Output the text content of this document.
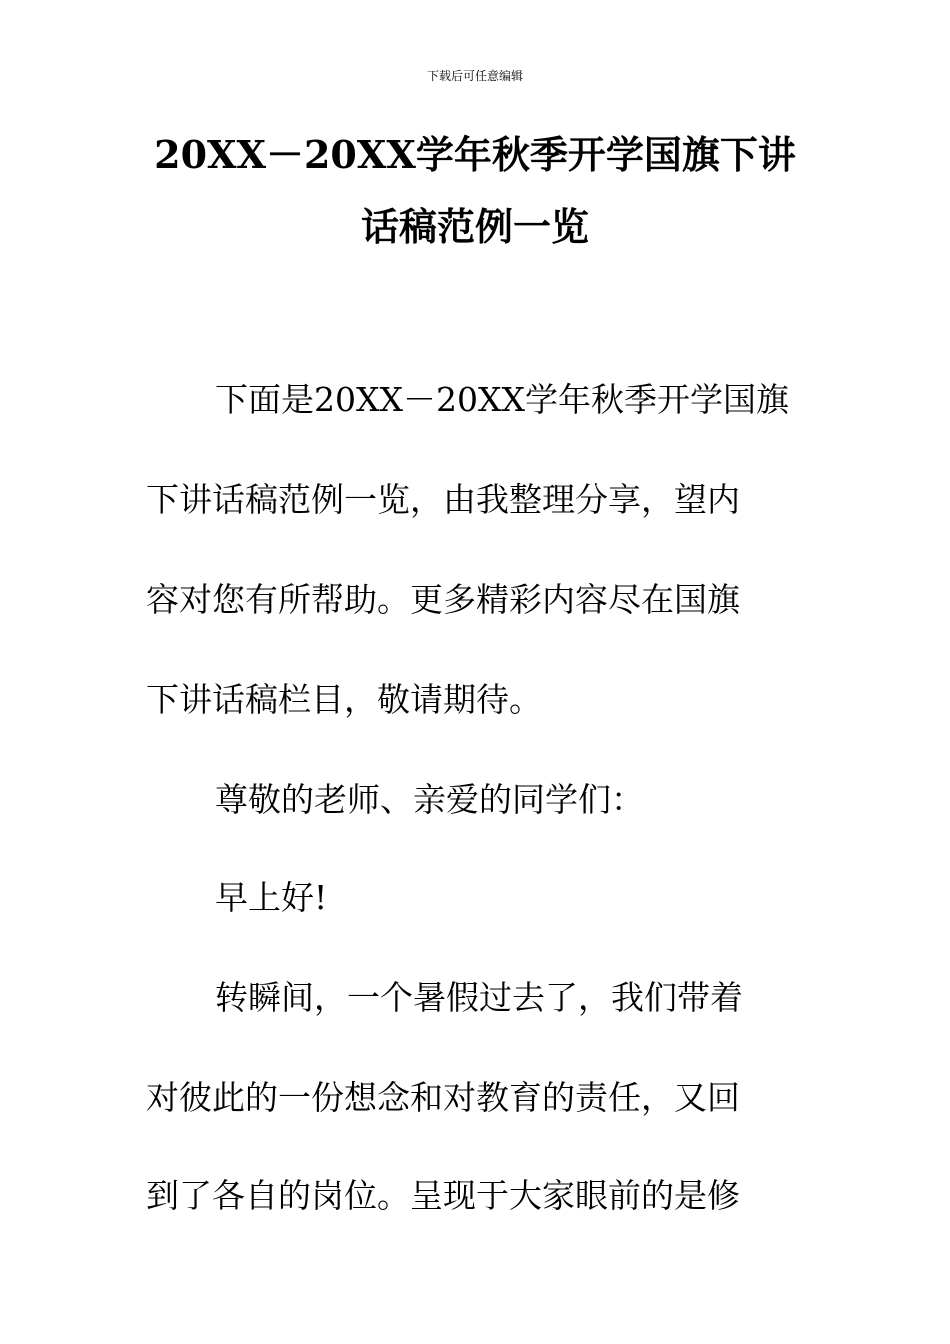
下载后可任意编辑
20XX－20XX学年秋季开学国旗下讲
话稿范例一览
下面是20XX－20XX学年秋季开学国旗
下讲话稿范例一览，由我整理分享，望内
容对您有所帮助。更多精彩内容尽在国旗
下讲话稿栏目，敬请期待。
尊敬的老师、亲爱的同学们：
早上好!
转瞬间，一个暑假过去了，我们带着
对彼此的一份想念和对教育的责任，又回
到了各自的岗位。呈现于大家眼前的是修
